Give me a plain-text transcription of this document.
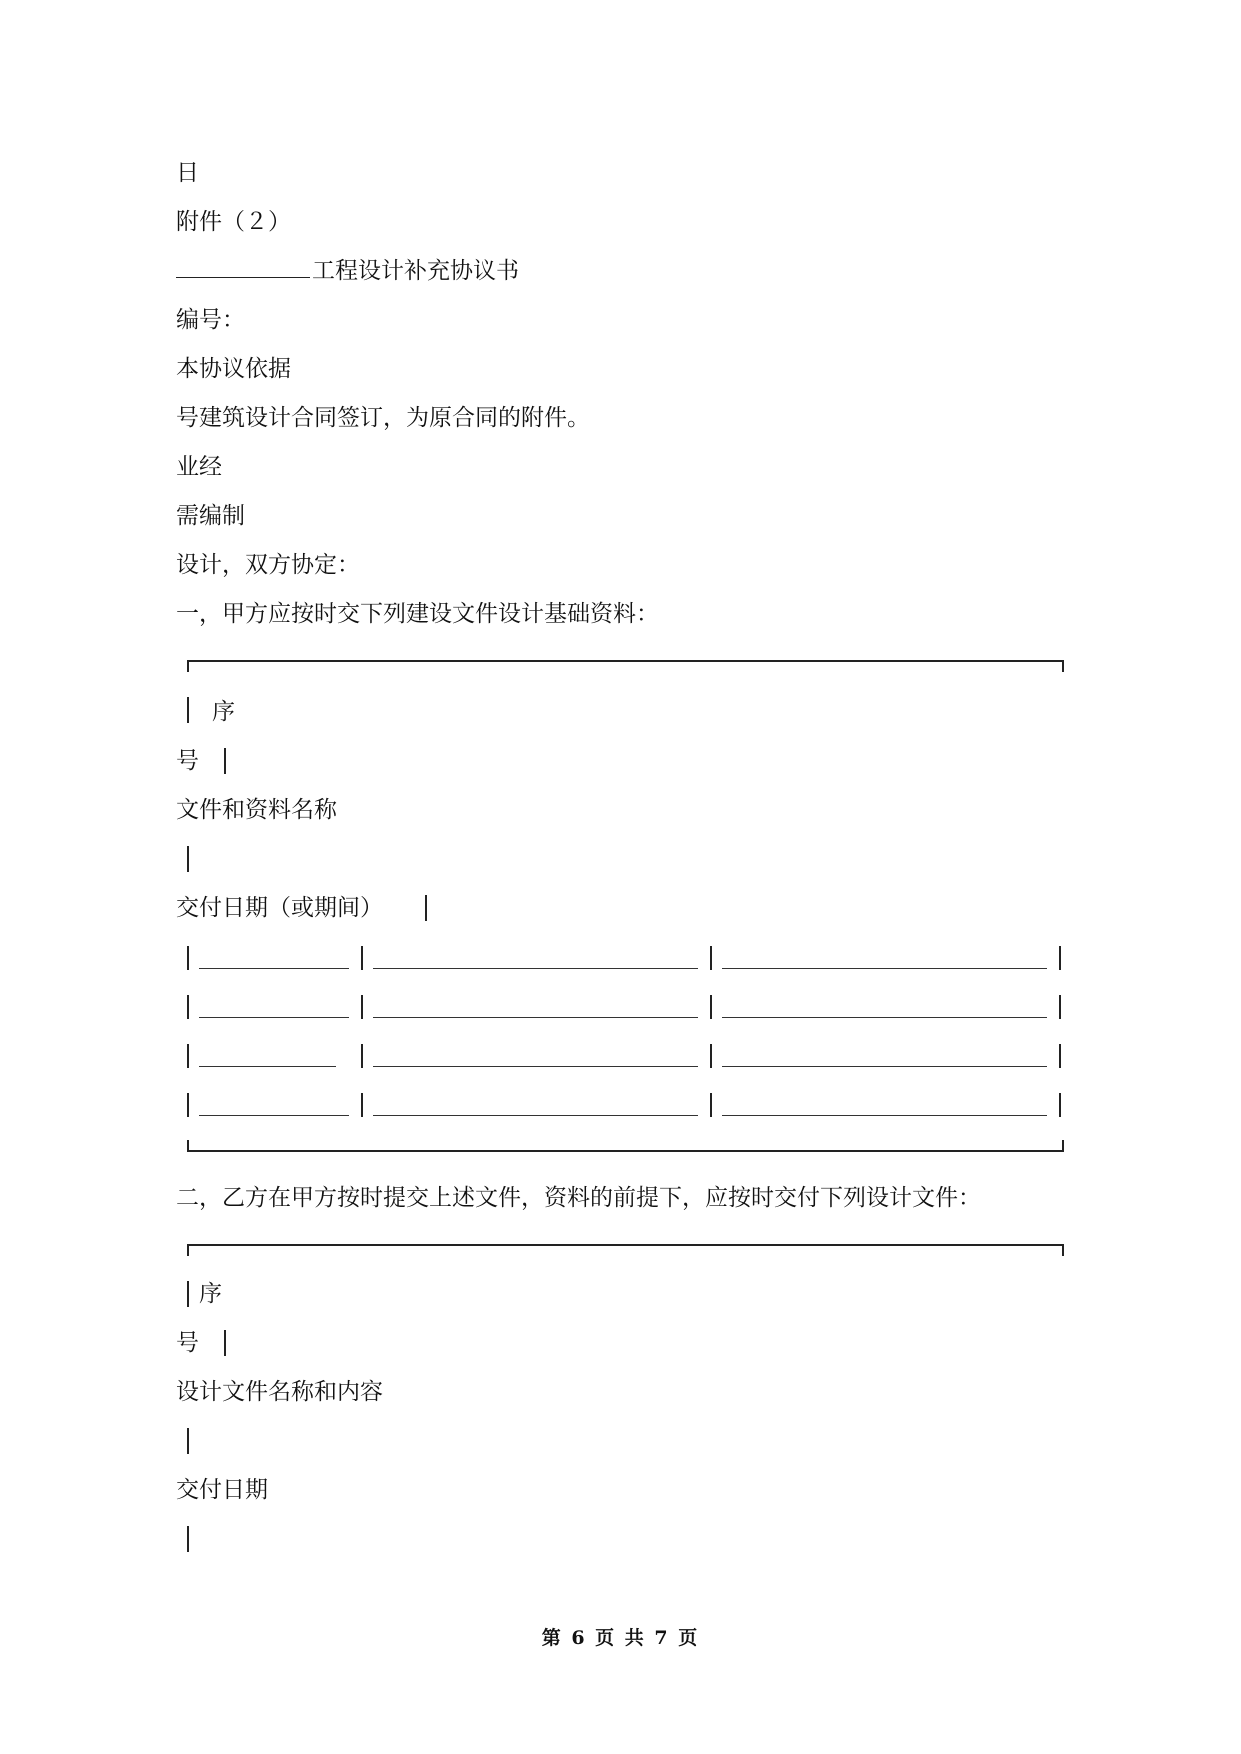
日
附件（２）
工程设计补充协议书
编号：
本协议依据
号建筑设计合同签订，为原合同的附件。
业经
需编制
设计，双方协定：
一，甲方应按时交下列建设文件设计基础资料：
序
号
文件和资料名称
交付日期（或期间）
二，乙方在甲方按时提交上述文件，资料的前提下，应按时交付下列设计文件：
序
号
设计文件名称和内容
交付日期
第 6 页 共 7 页
